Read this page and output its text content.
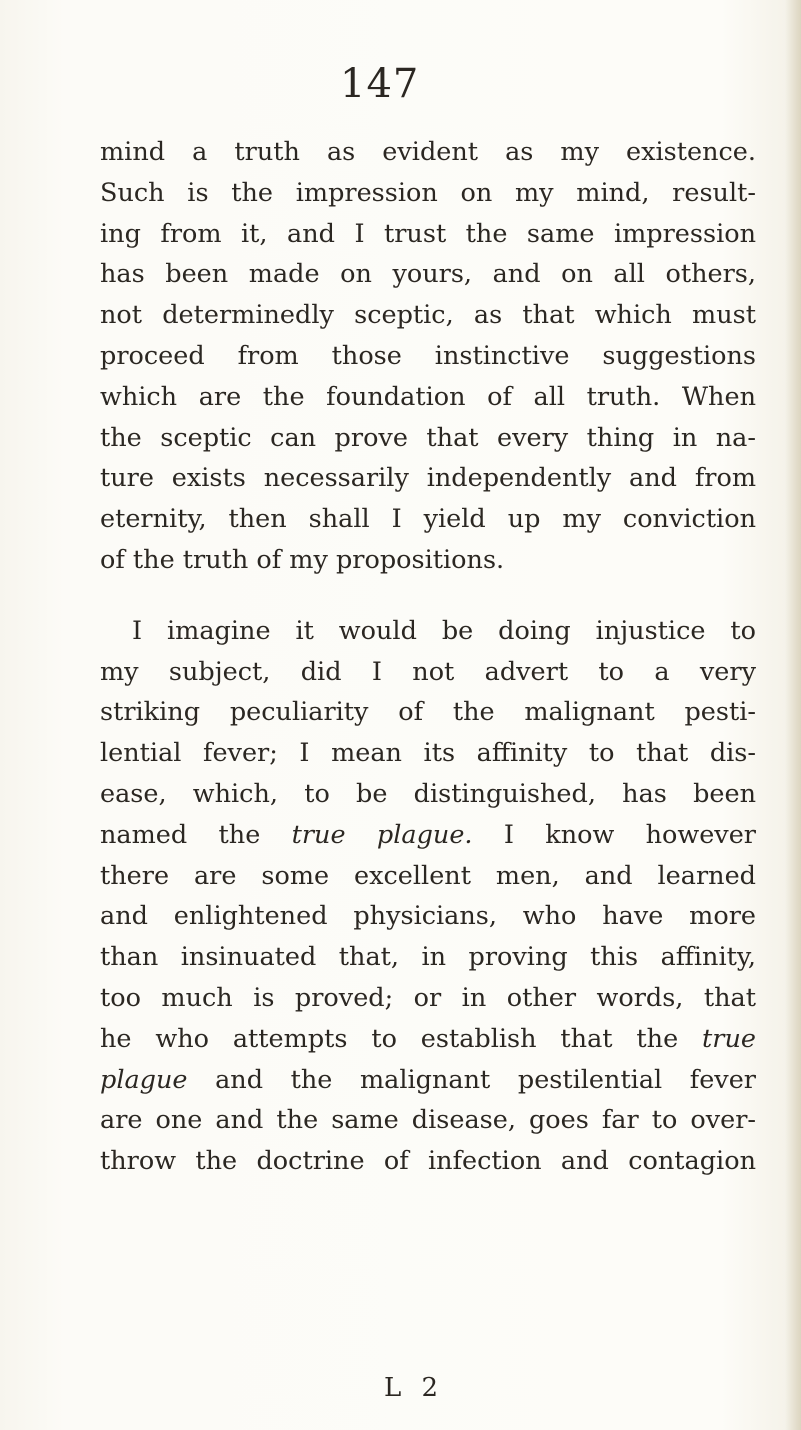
147

mind a truth as evident as my existence.
Such is the impression on my mind, result-
ing from it, and I trust the same impression
has been made on yours, and on all others,
not determinedly sceptic, as that which must
proceed from those instinctive suggestions
which are the foundation of all truth. When
the sceptic can prove that every thing in na-
ture exists necessarily independently and from
eternity, then shall I yield up my conviction
of the truth of my propositions.

I imagine it would be doing injustice to
my subject, did I not advert to a very
striking peculiarity of the malignant pesti-
lential fever; I mean its affinity to that dis-
ease, which, to be distinguished, has been
named the true plague. I know however
there are some excellent men, and learned
and enlightened physicians, who have more
than insinuated that, in proving this affinity,
too much is proved; or in other words, that
he who attempts to establish that the true
plague and the malignant pestilential fever
are one and the same disease, goes far to over-
throw the doctrine of infection and contagion

L 2
